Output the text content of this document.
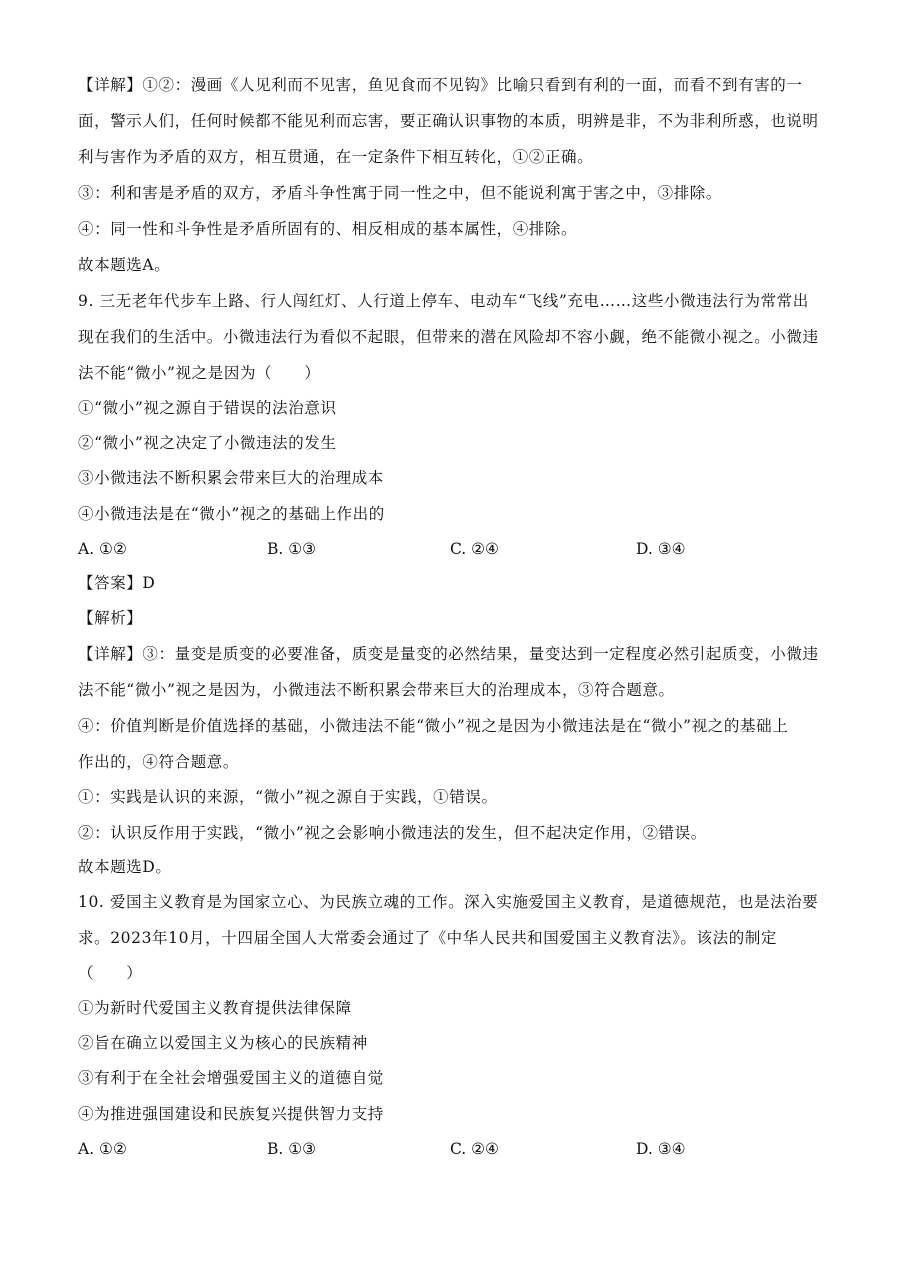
【详解】①②：漫画《人见利而不见害，鱼见食而不见钩》比喻只看到有利的一面，而看不到有害的一
面，警示人们，任何时候都不能见利而忘害，要正确认识事物的本质，明辨是非，不为非利所惑，也说明
利与害作为矛盾的双方，相互贯通，在一定条件下相互转化，①②正确。
③：利和害是矛盾的双方，矛盾斗争性寓于同一性之中，但不能说利寓于害之中，③排除。
④：同一性和斗争性是矛盾所固有的、相反相成的基本属性，④排除。
故本题选A。
9. 三无老年代步车上路、行人闯红灯、人行道上停车、电动车“飞线”充电……这些小微违法行为常常出
现在我们的生活中。小微违法行为看似不起眼，但带来的潜在风险却不容小觑，绝不能微小视之。小微违
法不能“微小”视之是因为（　　）
①“微小”视之源自于错误的法治意识
②“微小”视之决定了小微违法的发生
③小微违法不断积累会带来巨大的治理成本
④小微违法是在“微小”视之的基础上作出的
A. ①②	B. ①③	C. ②④	D. ③④
【答案】D
【解析】
【详解】③：量变是质变的必要准备，质变是量变的必然结果，量变达到一定程度必然引起质变，小微违
法不能“微小”视之是因为，小微违法不断积累会带来巨大的治理成本，③符合题意。
④：价值判断是价值选择的基础，小微违法不能“微小”视之是因为小微违法是在“微小”视之的基础上
作出的，④符合题意。
①：实践是认识的来源，“微小”视之源自于实践，①错误。
②：认识反作用于实践，“微小”视之会影响小微违法的发生，但不起决定作用，②错误。
故本题选D。
10. 爱国主义教育是为国家立心、为民族立魂的工作。深入实施爱国主义教育，是道德规范，也是法治要
求。2023年10月，十四届全国人大常委会通过了《中华人民共和国爱国主义教育法》。该法的制定
（　　）
①为新时代爱国主义教育提供法律保障
②旨在确立以爱国主义为核心的民族精神
③有利于在全社会增强爱国主义的道德自觉
④为推进强国建设和民族复兴提供智力支持
A. ①②	B. ①③	C. ②④	D. ③④
